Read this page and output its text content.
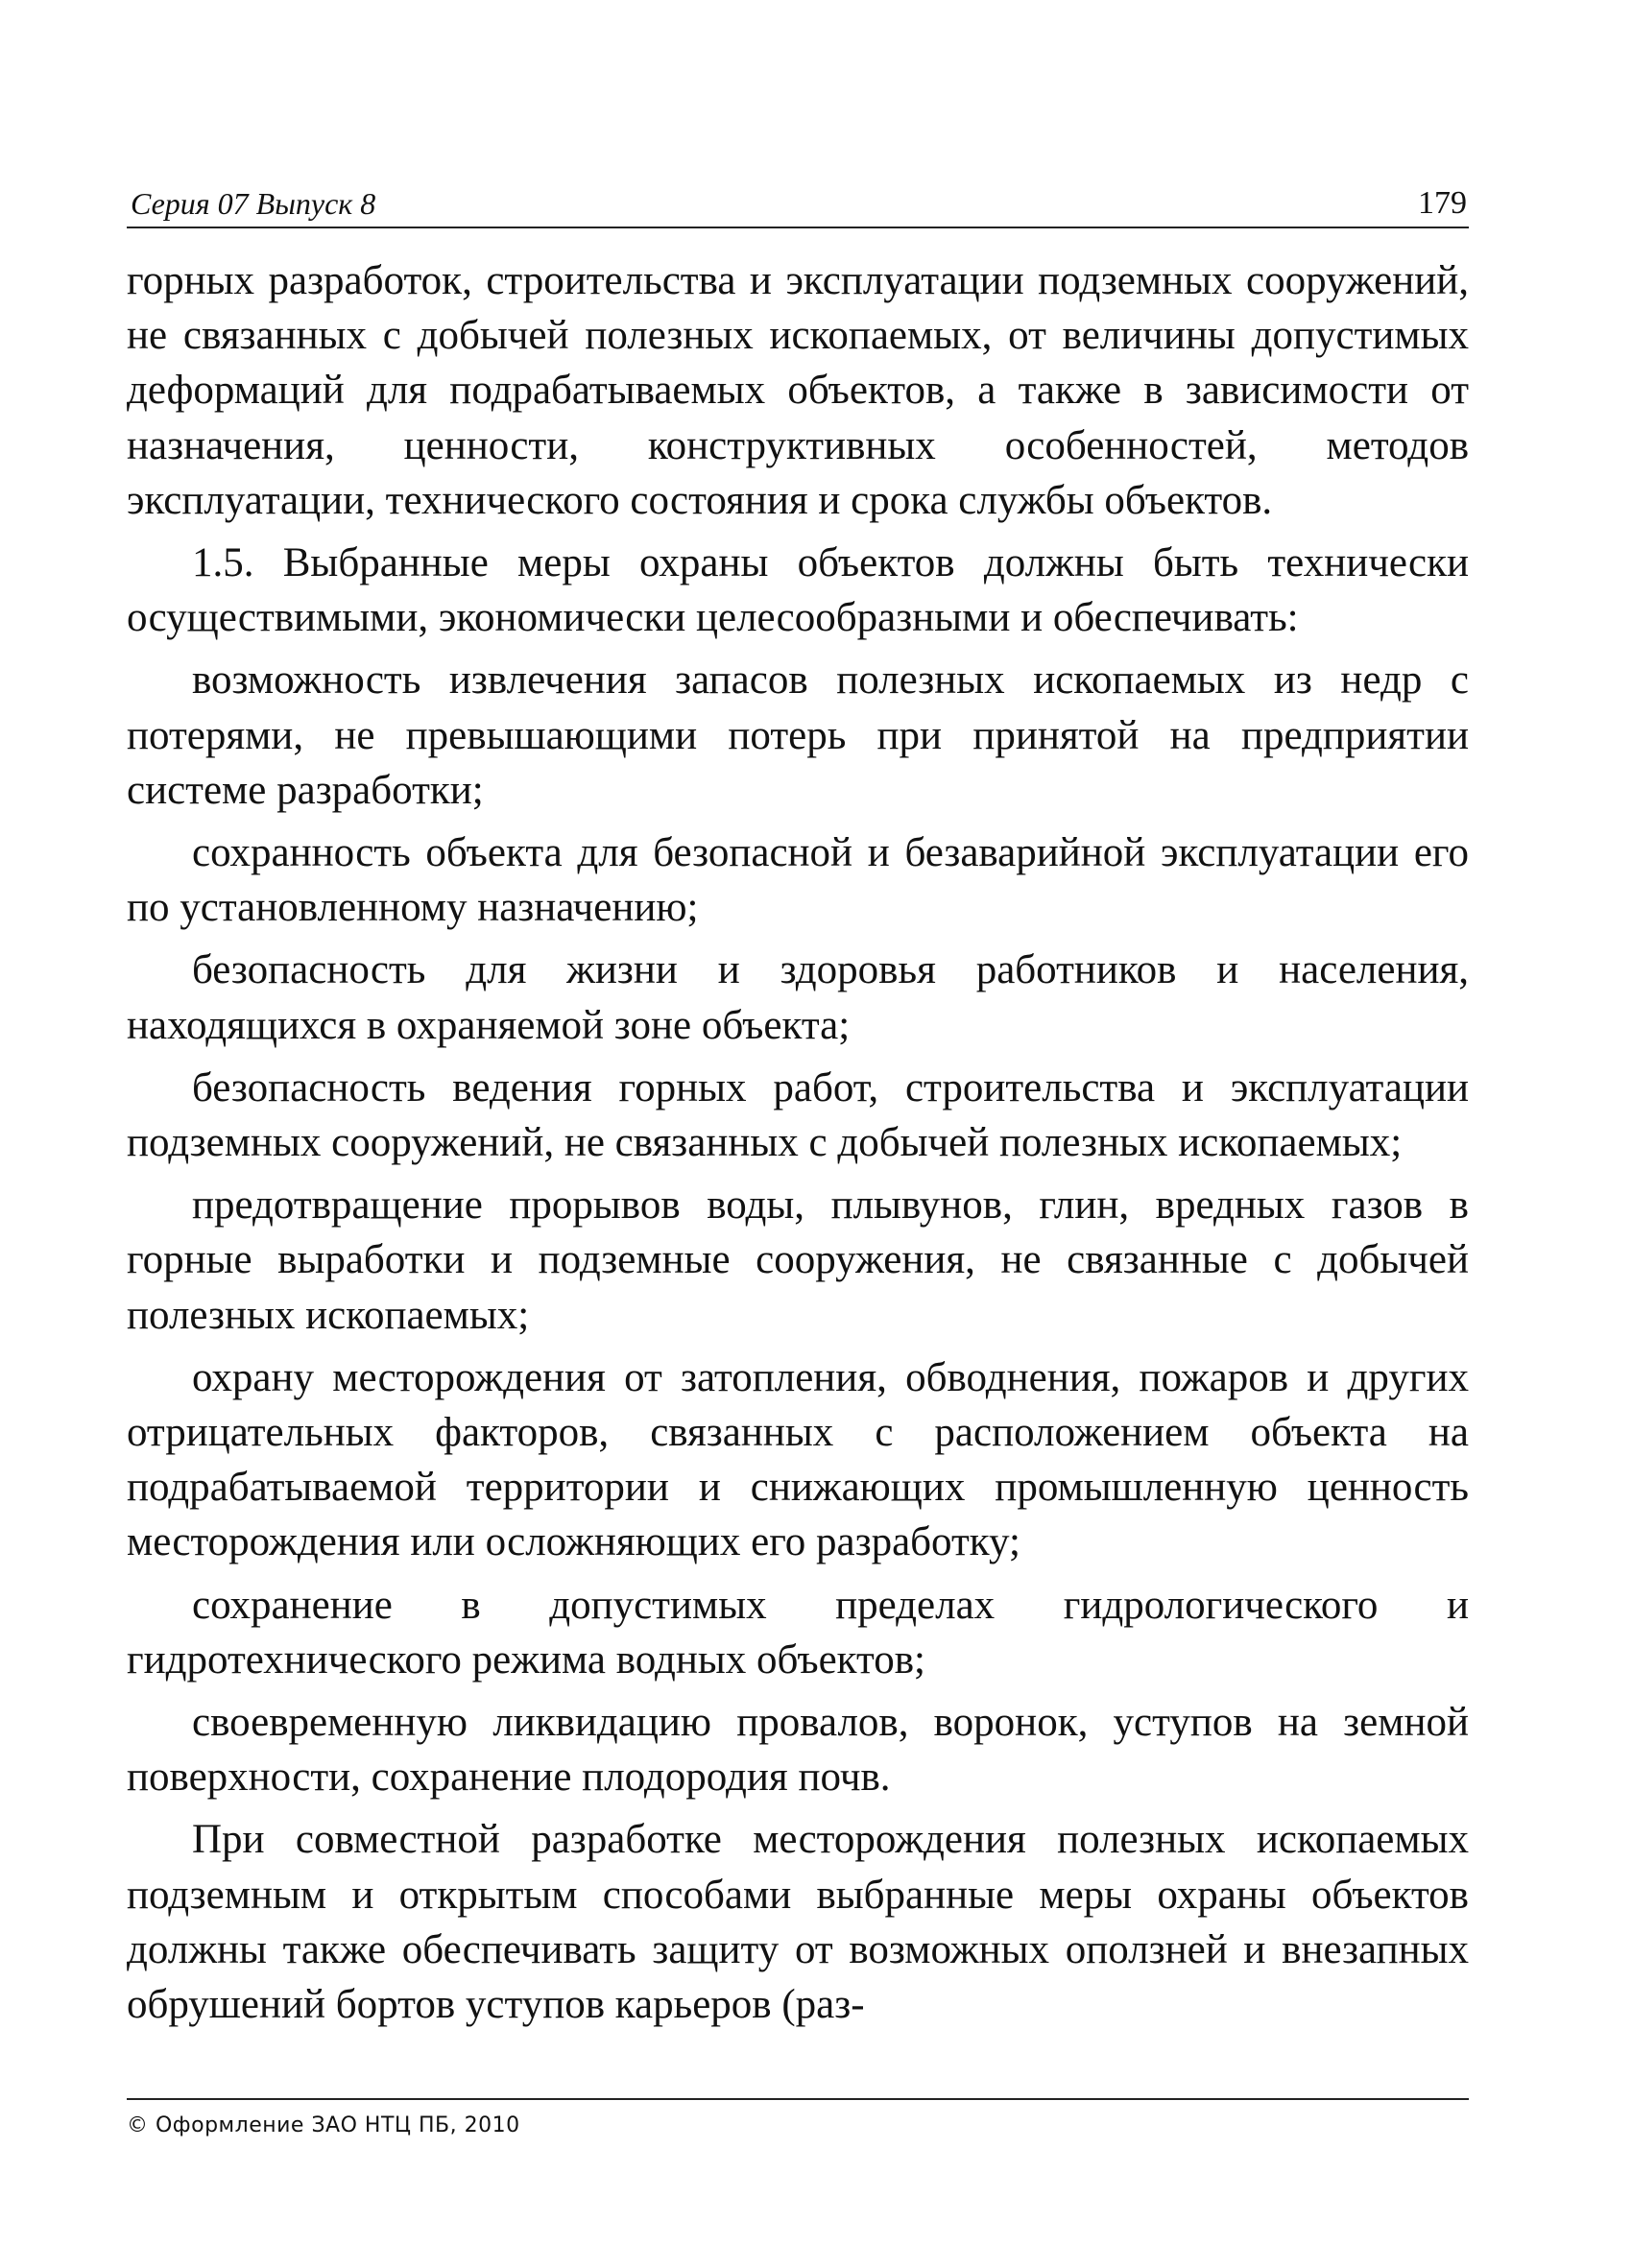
Серия 07 Выпуск 8	179

горных разработок, строительства и эксплуатации подземных сооружений, не связанных с добычей полезных ископаемых, от величины допустимых деформаций для подрабатываемых объектов, а также в зависимости от назначения, ценности, конструктивных особенностей, методов эксплуатации, технического состояния и срока службы объектов.

1.5. Выбранные меры охраны объектов должны быть технически осуществимыми, экономически целесообразными и обеспечивать:

возможность извлечения запасов полезных ископаемых из недр с потерями, не превышающими потерь при принятой на предприятии системе разработки;

сохранность объекта для безопасной и безаварийной эксплуатации его по установленному назначению;

безопасность для жизни и здоровья работников и населения, находящихся в охраняемой зоне объекта;

безопасность ведения горных работ, строительства и эксплуатации подземных сооружений, не связанных с добычей полезных ископаемых;

предотвращение прорывов воды, плывунов, глин, вредных газов в горные выработки и подземные сооружения, не связанные с добычей полезных ископаемых;

охрану месторождения от затопления, обводнения, пожаров и других отрицательных факторов, связанных с расположением объекта на подрабатываемой территории и снижающих промышленную ценность месторождения или осложняющих его разработку;

сохранение в допустимых пределах гидрологического и гидротехнического режима водных объектов;

своевременную ликвидацию провалов, воронок, уступов на земной поверхности, сохранение плодородия почв.

При совместной разработке месторождения полезных ископаемых подземным и открытым способами выбранные меры охраны объектов должны также обеспечивать защиту от возможных оползней и внезапных обрушений бортов уступов карьеров (раз-

© Оформление ЗАО НТЦ ПБ, 2010
